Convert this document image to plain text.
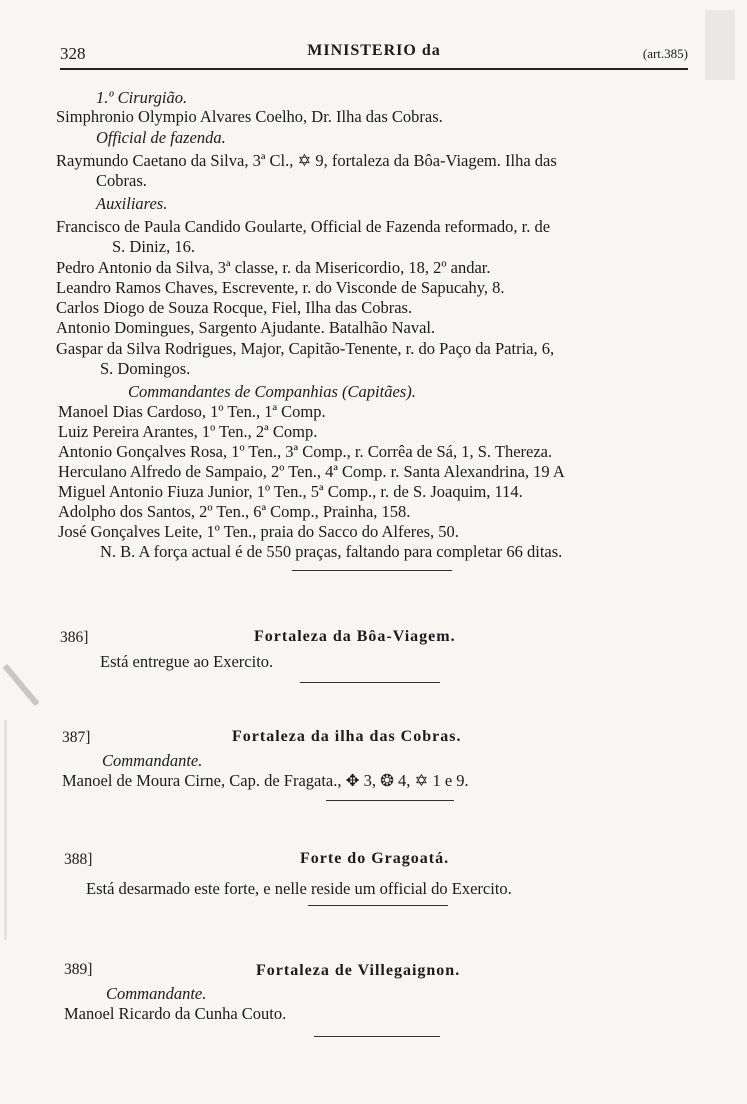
328	MINISTERIO da	(art.385)
1.º Cirurgião.
Simphronio Olympio Alvares Coelho, Dr. Ilha das Cobras.
Official de fazenda.
Raymundo Caetano da Silva, 3ª Cl., ✡ 9, fortaleza da Bôa-Viagem. Ilha das
Cobras.
Auxiliares.
Francisco de Paula Candido Goularte, Official de Fazenda reformado, r. de
S. Diniz, 16.
Pedro Antonio da Silva, 3ª classe, r. da Misericordio, 18, 2º andar.
Leandro Ramos Chaves, Escrevente, r. do Visconde de Sapucahy, 8.
Carlos Diogo de Souza Rocque, Fiel, Ilha das Cobras.
Antonio Domingues, Sargento Ajudante. Batalhão Naval.
Gaspar da Silva Rodrigues, Major, Capitão-Tenente, r. do Paço da Patria, 6,
S. Domingos.
Commandantes de Companhias (Capitães).
Manoel Dias Cardoso, 1º Ten., 1ª Comp.
Luiz Pereira Arantes, 1º Ten., 2ª Comp.
Antonio Gonçalves Rosa, 1º Ten., 3ª Comp., r. Corrêa de Sá, 1, S. Thereza.
Herculano Alfredo de Sampaio, 2º Ten., 4ª Comp. r. Santa Alexandrina, 19 A
Miguel Antonio Fiuza Junior, 1º Ten., 5ª Comp., r. de S. Joaquim, 114.
Adolpho dos Santos, 2º Ten., 6ª Comp., Prainha, 158.
José Gonçalves Leite, 1º Ten., praia do Sacco do Alferes, 50.
N. B. A força actual é de 550 praças, faltando para completar 66 ditas.
386]	Fortaleza da Bôa-Viagem.
Está entregue ao Exercito.
387]	Fortaleza da ilha das Cobras.
Commandante.
Manoel de Moura Cirne, Cap. de Fragata., ✥ 3, ❂ 4, ✡ 1 e 9.
388]	Forte do Gragoatá.
Está desarmado este forte, e nelle reside um official do Exercito.
389]	Fortaleza de Villegaignon.
Commandante.
Manoel Ricardo da Cunha Couto.
